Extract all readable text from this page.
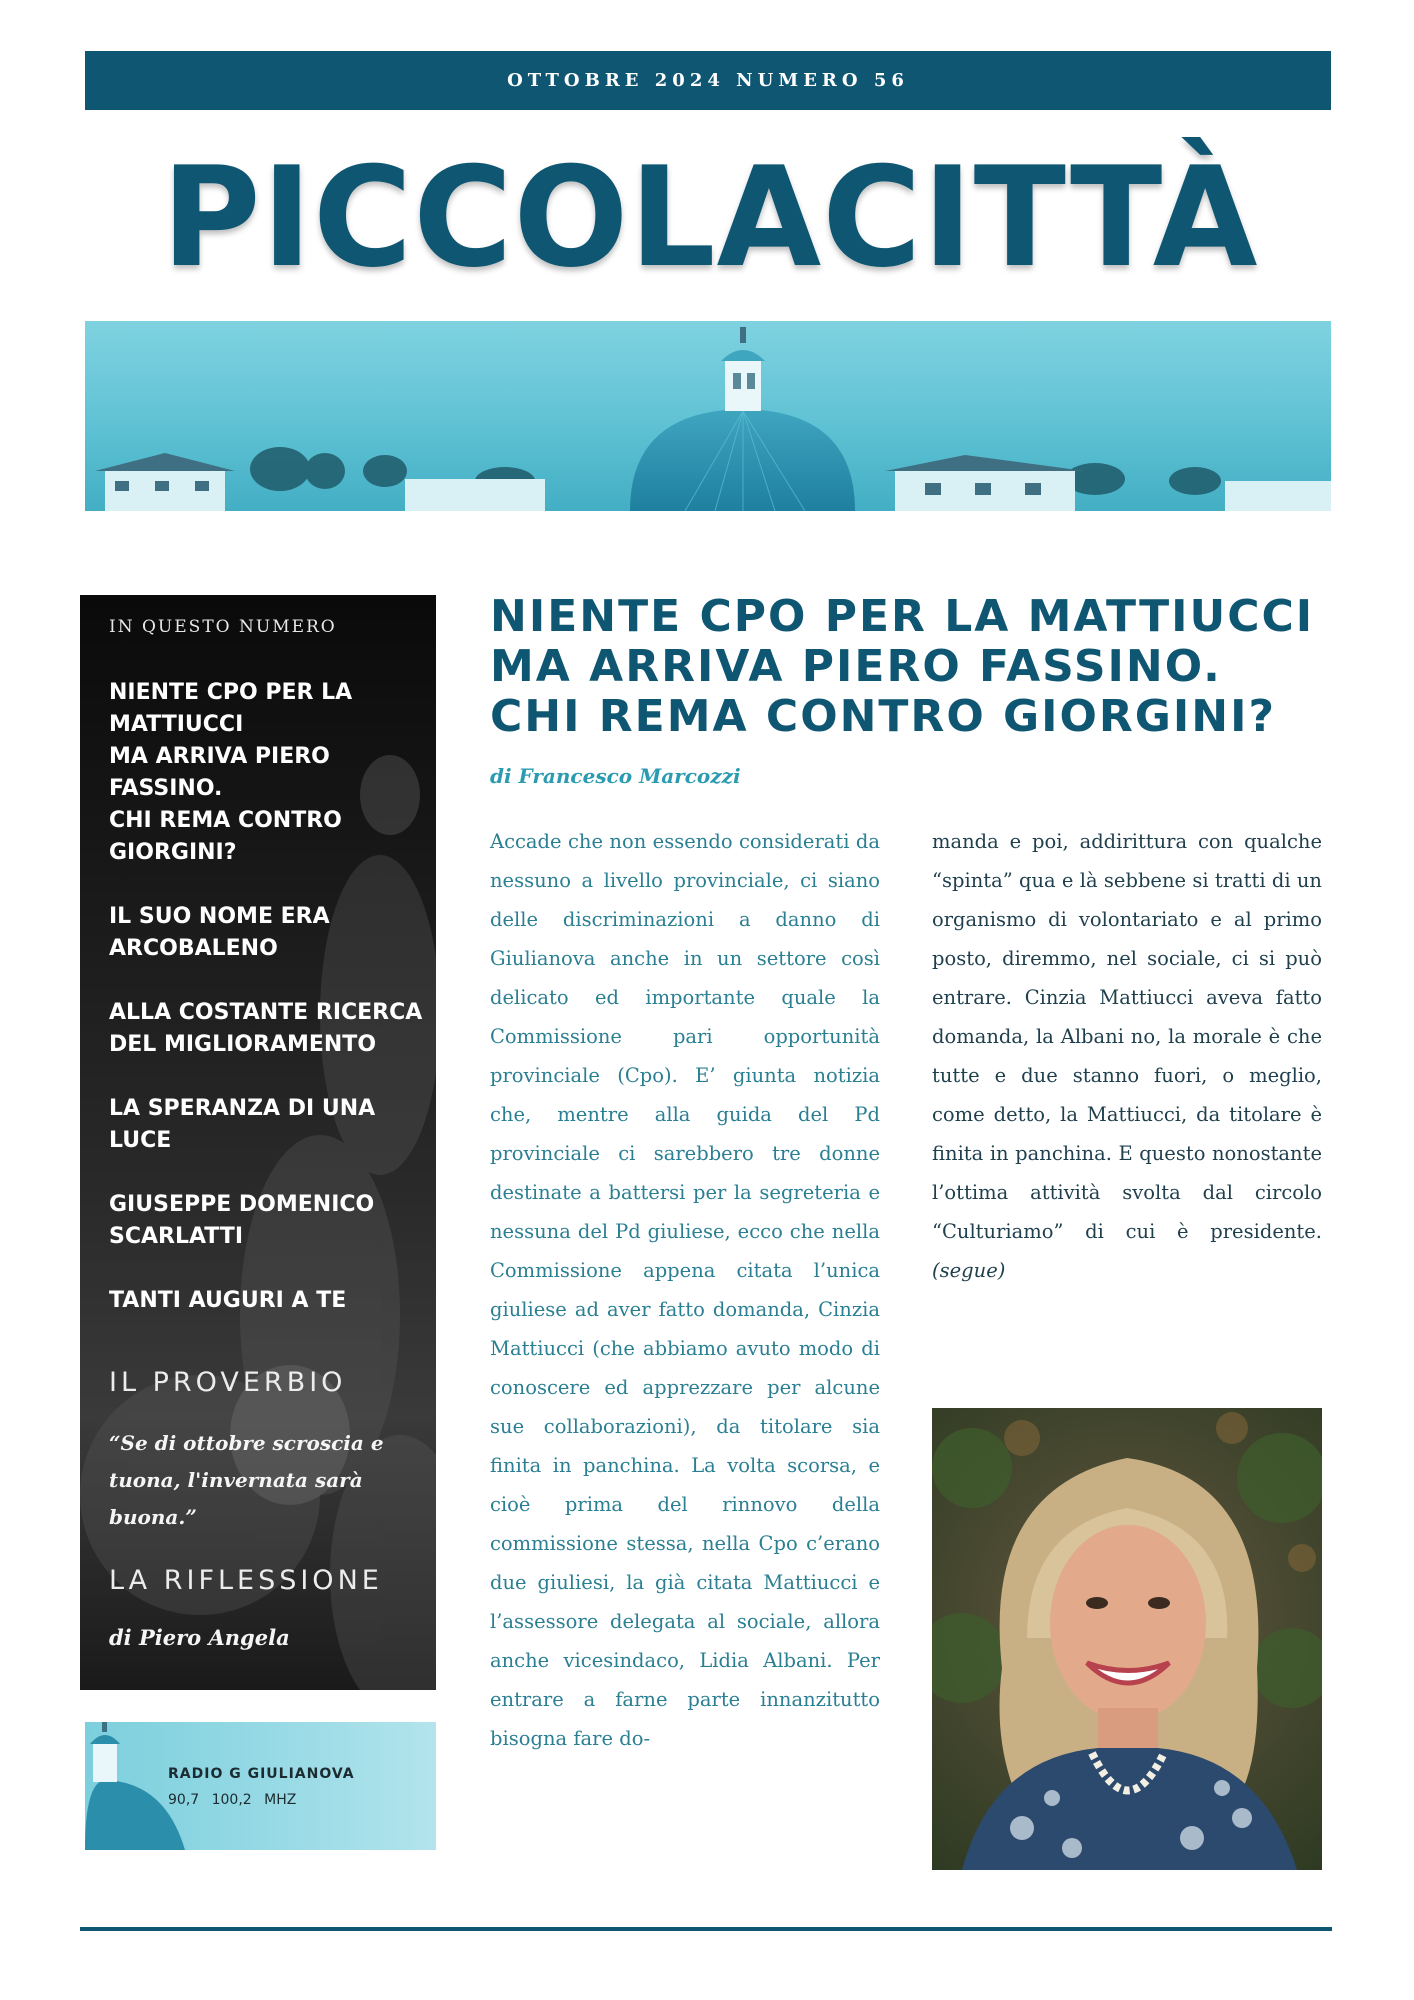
OTTOBRE 2024 NUMERO 56
PICCOLACITTÀ
IN QUESTO NUMERO
NIENTE CPO PER LA
MATTIUCCI
MA ARRIVA PIERO
FASSINO.
CHI REMA CONTRO
GIORGINI?
IL SUO NOME ERA
ARCOBALENO
ALLA COSTANTE RICERCA
DEL MIGLIORAMENTO
LA SPERANZA DI UNA
LUCE
GIUSEPPE DOMENICO
SCARLATTI
TANTI AUGURI A TE
IL PROVERBIO
“Se di ottobre scroscia e tuona, l'invernata sarà buona.”
LA RIFLESSIONE
di Piero Angela
RADIO G GIULIANOVA
90,7 100,2 MHZ
NIENTE CPO PER LA MATTIUCCI
MA ARRIVA PIERO FASSINO.
CHI REMA CONTRO GIORGINI?
di Francesco Marcozzi
Accade che non essendo considerati da nessuno a livello provinciale, ci siano delle discriminazioni a danno di Giulianova anche in un settore così delicato ed importante quale la Commissione pari opportunità provinciale (Cpo). E’ giunta notizia che, mentre alla guida del Pd provinciale ci sarebbero tre donne destinate a battersi per la segreteria e nessuna del Pd giuliese, ecco che nella Commissione appena citata l’unica giuliese ad aver fatto domanda, Cinzia Mattiucci (che abbiamo avuto modo di conoscere ed apprezzare per alcune sue collaborazioni), da titolare sia finita in panchina. La volta scorsa, e cioè prima del rinnovo della commissione stessa, nella Cpo c’erano due giuliesi, la già citata Mattiucci e l’assessore delegata al sociale, allora anche vicesindaco, Lidia Albani. Per entrare a farne parte innanzitutto bisogna fare do-
manda e poi, addirittura con qualche “spinta” qua e là sebbene si tratti di un organismo di volontariato e al primo posto, diremmo, nel sociale, ci si può entrare. Cinzia Mattiucci aveva fatto domanda, la Albani no, la morale è che tutte e due stanno fuori, o meglio, come detto, la Mattiucci, da titolare è finita in panchina. E questo nonostante l’ottima attività svolta dal circolo “Culturiamo” di cui è presidente. (segue)
